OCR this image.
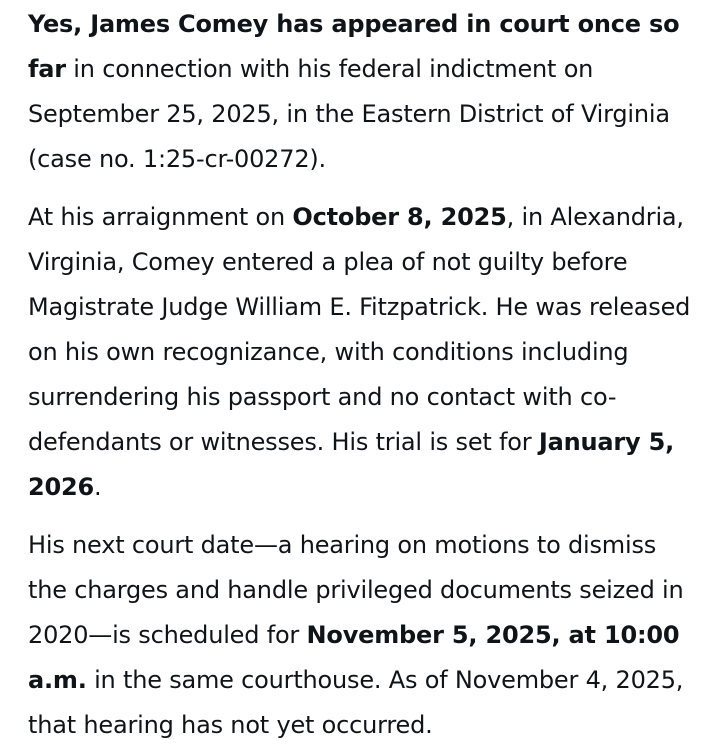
Yes, James Comey has appeared in court once so far in connection with his federal indictment on September 25, 2025, in the Eastern District of Virginia (case no. 1:25-cr-00272).

At his arraignment on October 8, 2025, in Alexandria, Virginia, Comey entered a plea of not guilty before Magistrate Judge William E. Fitzpatrick. He was released on his own recognizance, with conditions including surrendering his passport and no contact with co-defendants or witnesses. His trial is set for January 5, 2026.

His next court date—a hearing on motions to dismiss the charges and handle privileged documents seized in 2020—is scheduled for November 5, 2025, at 10:00 a.m. in the same courthouse. As of November 4, 2025, that hearing has not yet occurred.
